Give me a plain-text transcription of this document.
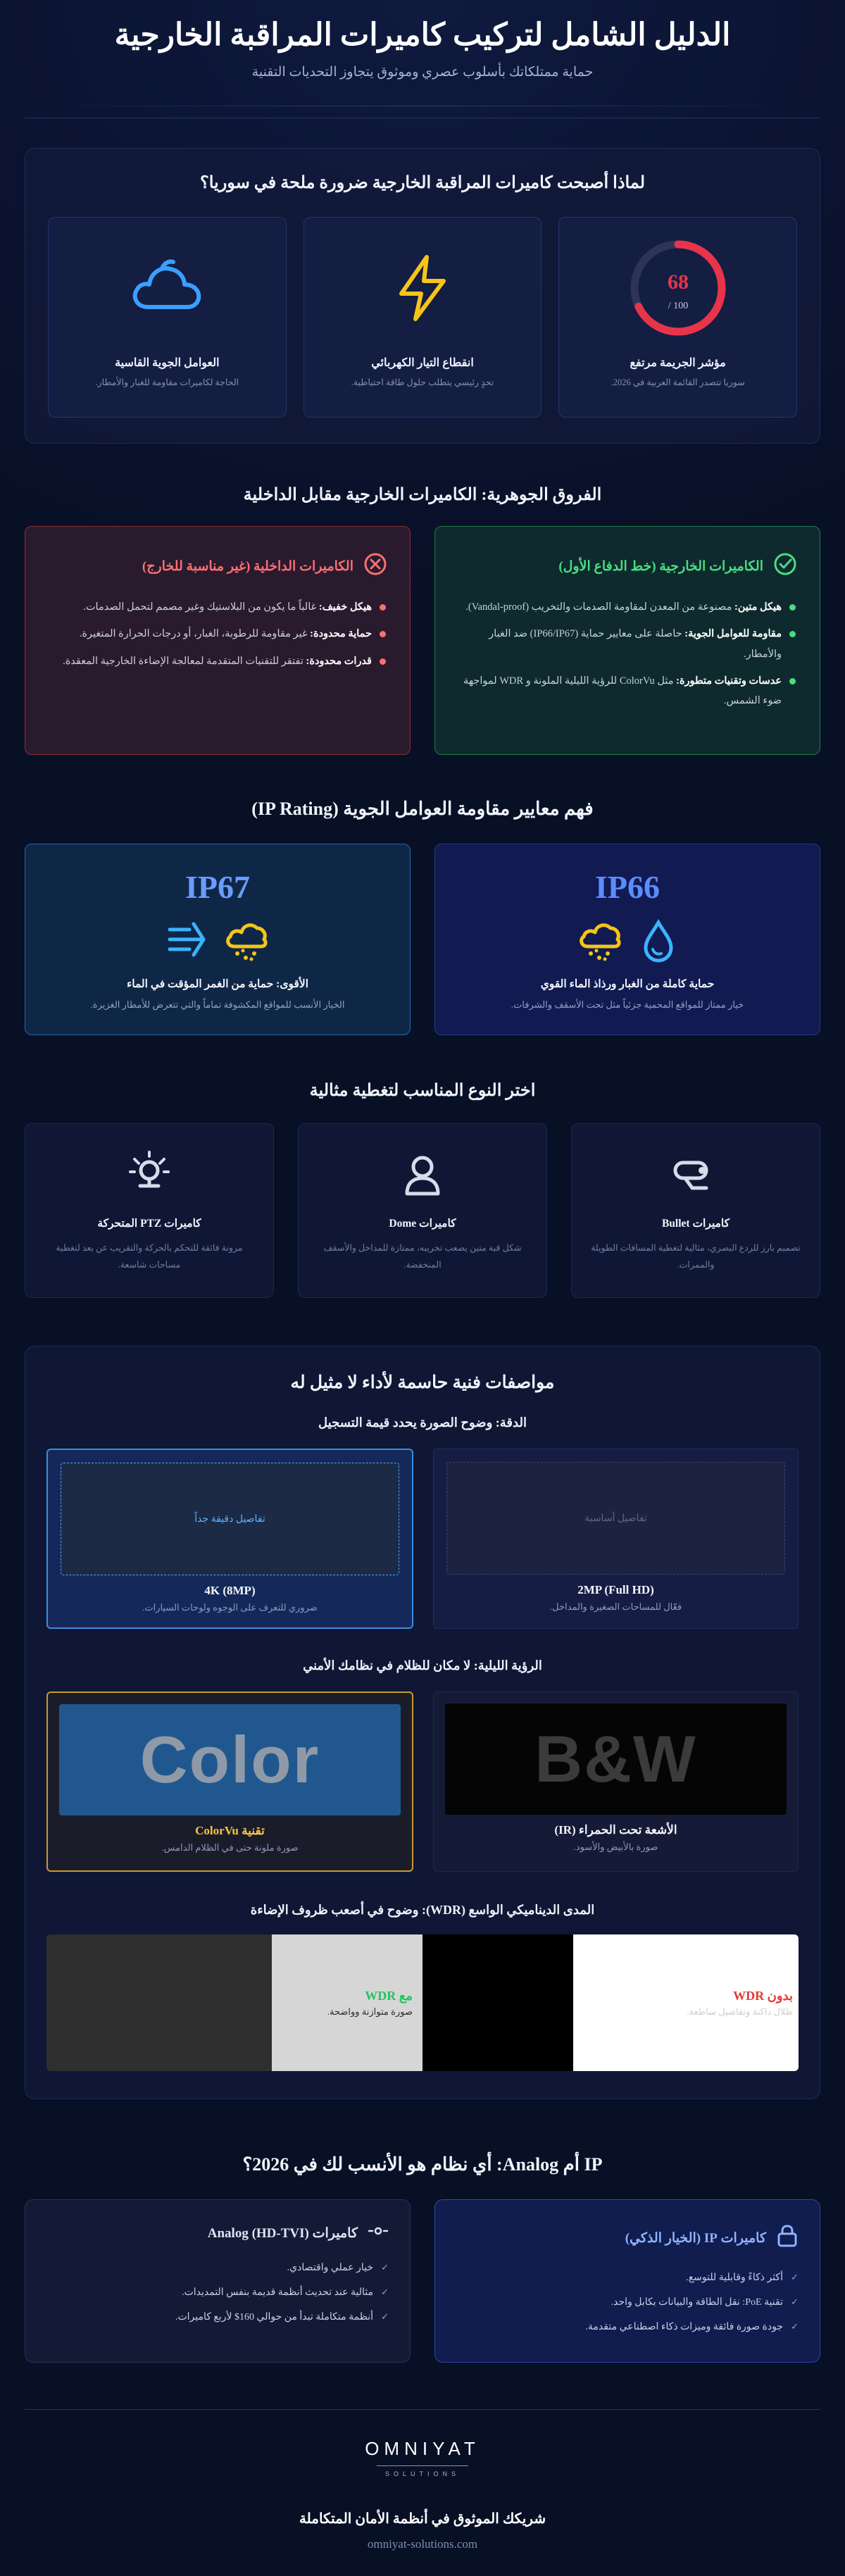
الدليل الشامل لتركيب كاميرات المراقبة الخارجية

حماية ممتلكاتك بأسلوب عصري وموثوق يتجاوز التحديات التقنية

لماذا أصبحت كاميرات المراقبة الخارجية ضرورة ملحة في سوريا؟
68
100 /
مؤشر الجريمة مرتفع

سوريا تتصدر القائمة العربية في 2026.

انقطاع التيار الكهربائي

تحدٍ رئيسي يتطلب حلول طاقة احتياطية.

العوامل الجوية القاسية

الحاجة لكاميرات مقاومة للغبار والأمطار.

الفروق الجوهرية: الكاميرات الخارجية مقابل الداخلية
الكاميرات الخارجية (خط الدفاع الأول)
هيكل متين: مصنوعة من المعدن لمقاومة الصدمات والتخريب (Vandal-proof).
مقاومة للعوامل الجوية: حاصلة على معايير حماية (IP66/IP67) ضد الغبار والأمطار.
عدسات وتقنيات متطورة: مثل ColorVu للرؤية الليلية الملونة و WDR لمواجهة ضوء الشمس.
الكاميرات الداخلية (غير مناسبة للخارج)
هيكل خفيف: غالباً ما يكون من البلاستيك وغير مصمم لتحمل الصدمات.
حماية محدودة: غير مقاومة للرطوبة، الغبار، أو درجات الحرارة المتغيرة.
قدرات محدودة: تفتقر للتقنيات المتقدمة لمعالجة الإضاءة الخارجية المعقدة.
فهم معايير مقاومة العوامل الجوية (IP Rating)
IP66
حماية كاملة من الغبار ورذاذ الماء القوي

خيار ممتاز للمواقع المحمية جزئياً مثل تحت الأسقف والشرفات.

IP67
الأقوى: حماية من الغمر المؤقت في الماء

الخيار الأنسب للمواقع المكشوفة تماماً والتي تتعرض للأمطار الغزيرة.

اختر النوع المناسب لتغطية مثالية
كاميرات Bullet

تصميم بارز للردع البصري، مثالية لتغطية المسافات الطويلة والممرات.

كاميرات Dome

شكل قبة متين يصعب تخريبه، ممتازة للمداخل والأسقف المنخفضة.

كاميرات PTZ المتحركة

مرونة فائقة للتحكم بالحركة والتقريب عن بعد لتغطية مساحات شاسعة.

مواصفات فنية حاسمة لأداء لا مثيل له
الدقة: وضوح الصورة يحدد قيمة التسجيل
تفاصيل أساسية
2MP (Full HD)

فعّال للمساحات الصغيرة والمداخل.

تفاصيل دقيقة جداً
4K (8MP)

ضروري للتعرف على الوجوه ولوحات السيارات.

الرؤية الليلية: لا مكان للظلام في نظامك الأمني
B&W
الأشعة تحت الحمراء (IR)

صورة بالأبيض والأسود.

Color
تقنية ColorVu

صورة ملونة حتى في الظلام الدامس.

المدى الديناميكي الواسع (WDR): وضوح في أصعب ظروف الإضاءة
بدون WDR

ظلال داكنة وتفاصيل ساطعة.

مع WDR

صورة متوازنة وواضحة.

IP أم Analog: أي نظام هو الأنسب لك في 2026؟
كاميرات IP (الخيار الذكي)
✓ أكثر ذكاءً وقابلية للتوسع.
✓ تقنية PoE: نقل الطاقة والبيانات بكابل واحد.
✓ جودة صورة فائقة وميزات ذكاء اصطناعي متقدمة.
كاميرات Analog (HD-TVI)
✓ خيار عملي واقتصادي.
✓ مثالية عند تحديث أنظمة قديمة بنفس التمديدات.
✓ أنظمة متكاملة تبدأ من حوالي 160$ لأربع كاميرات.
OMNIYAT
SOLUTIONS
شريكك الموثوق في أنظمة الأمان المتكاملة
omniyat-solutions.com
